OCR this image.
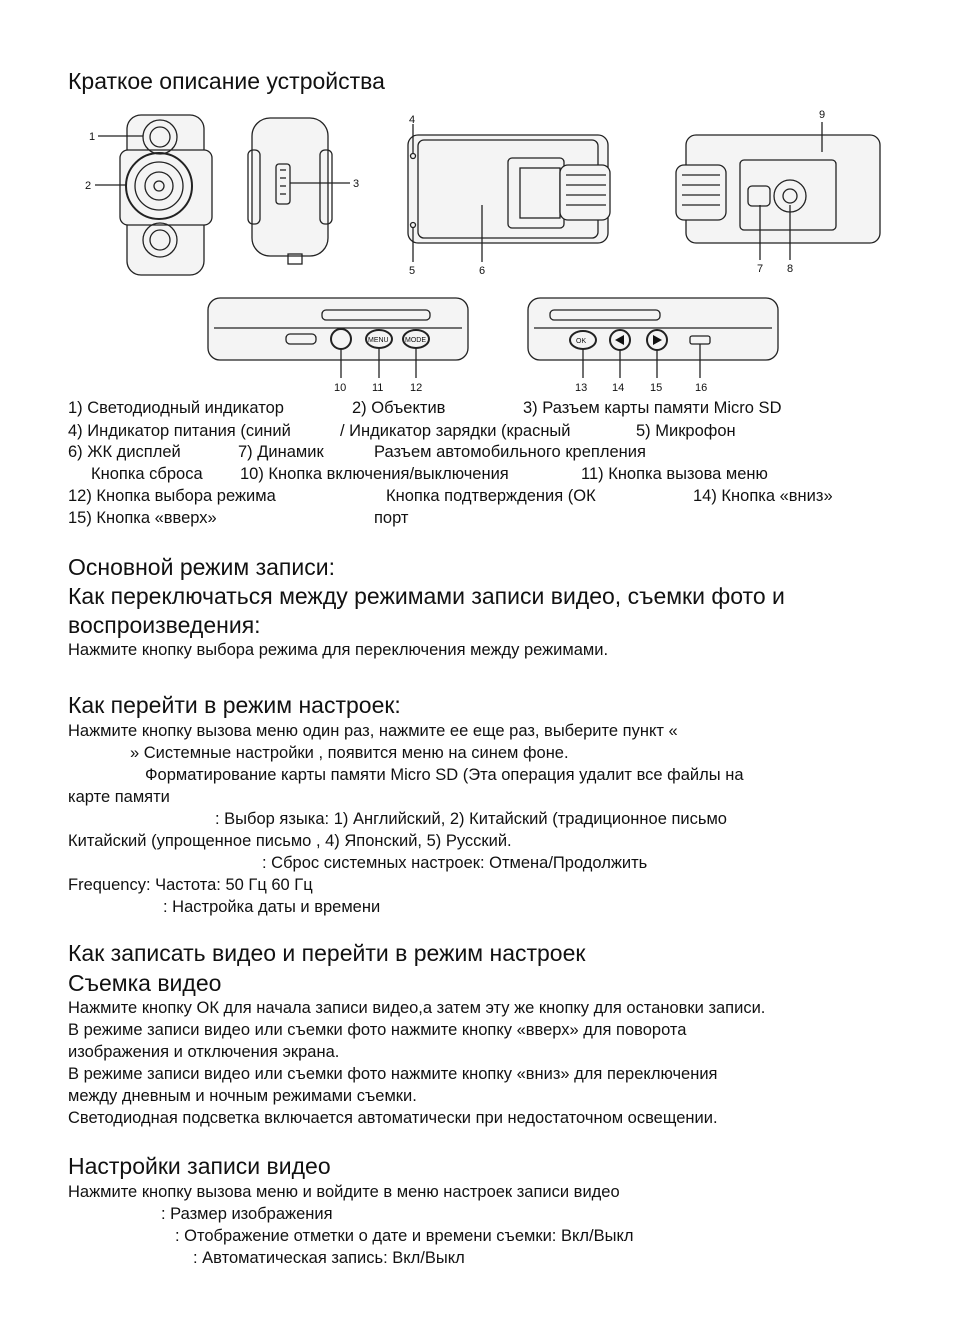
Краткое описание устройства
MENU MODE	OK
1
2	3
4
5	6	7 8
9
10 11 12	13 14 15	16
1) Светодиодный индикатор	2) Объектив	3) Разъем карты памяти Micro SD
4) Индикатор питания (синий	/ Индикатор зарядки (красный	5) Микрофон
6) ЖК дисплей	7) Динамик	Разъем автомобильного крепления
Кнопка сброса 10) Кнопка включения/выключения	11) Кнопка вызова меню
12) Кнопка выбора режима	Кнопка подтверждения (ОК	14) Кнопка «вниз»
15) Кнопка «вверх»	порт
Основной режим записи:
Как переключаться между режимами записи видео, съемки фото и
воспроизведения:
Нажмите кнопку выбора режима для переключения между режимами.
Как перейти в режим настроек:
Нажмите кнопку вызова меню один раз, нажмите ее еще раз, выберите пункт «
» Системные настройки , появится меню на синем фоне.
Форматирование карты памяти Micro SD (Эта операция удалит все файлы на
карте памяти
: Выбор языка: 1) Английский, 2) Китайский (традиционное письмо
Китайский (упрощенное письмо , 4) Японский, 5) Русский.
: Сброс системных настроек: Отмена/Продолжить
Frequency: Частота: 50 Гц 60 Гц
: Настройка даты и времени
Как записать видео и перейти в режим настроек
Съемка видео
Нажмите кнопку ОК для начала записи видео,а затем эту же кнопку для остановки записи.
В режиме записи видео или съемки фото нажмите кнопку «вверх» для поворота
изображения и отключения экрана.
В режиме записи видео или съемки фото нажмите кнопку «вниз» для переключения
между дневным и ночным режимами съемки.
Светодиодная подсветка включается автоматически при недостаточном освещении.
Настройки записи видео
Нажмите кнопку вызова меню и войдите в меню настроек записи видео
: Размер изображения
: Отображение отметки о дате и времени съемки: Вкл/Выкл
: Автоматическая запись: Вкл/Выкл
